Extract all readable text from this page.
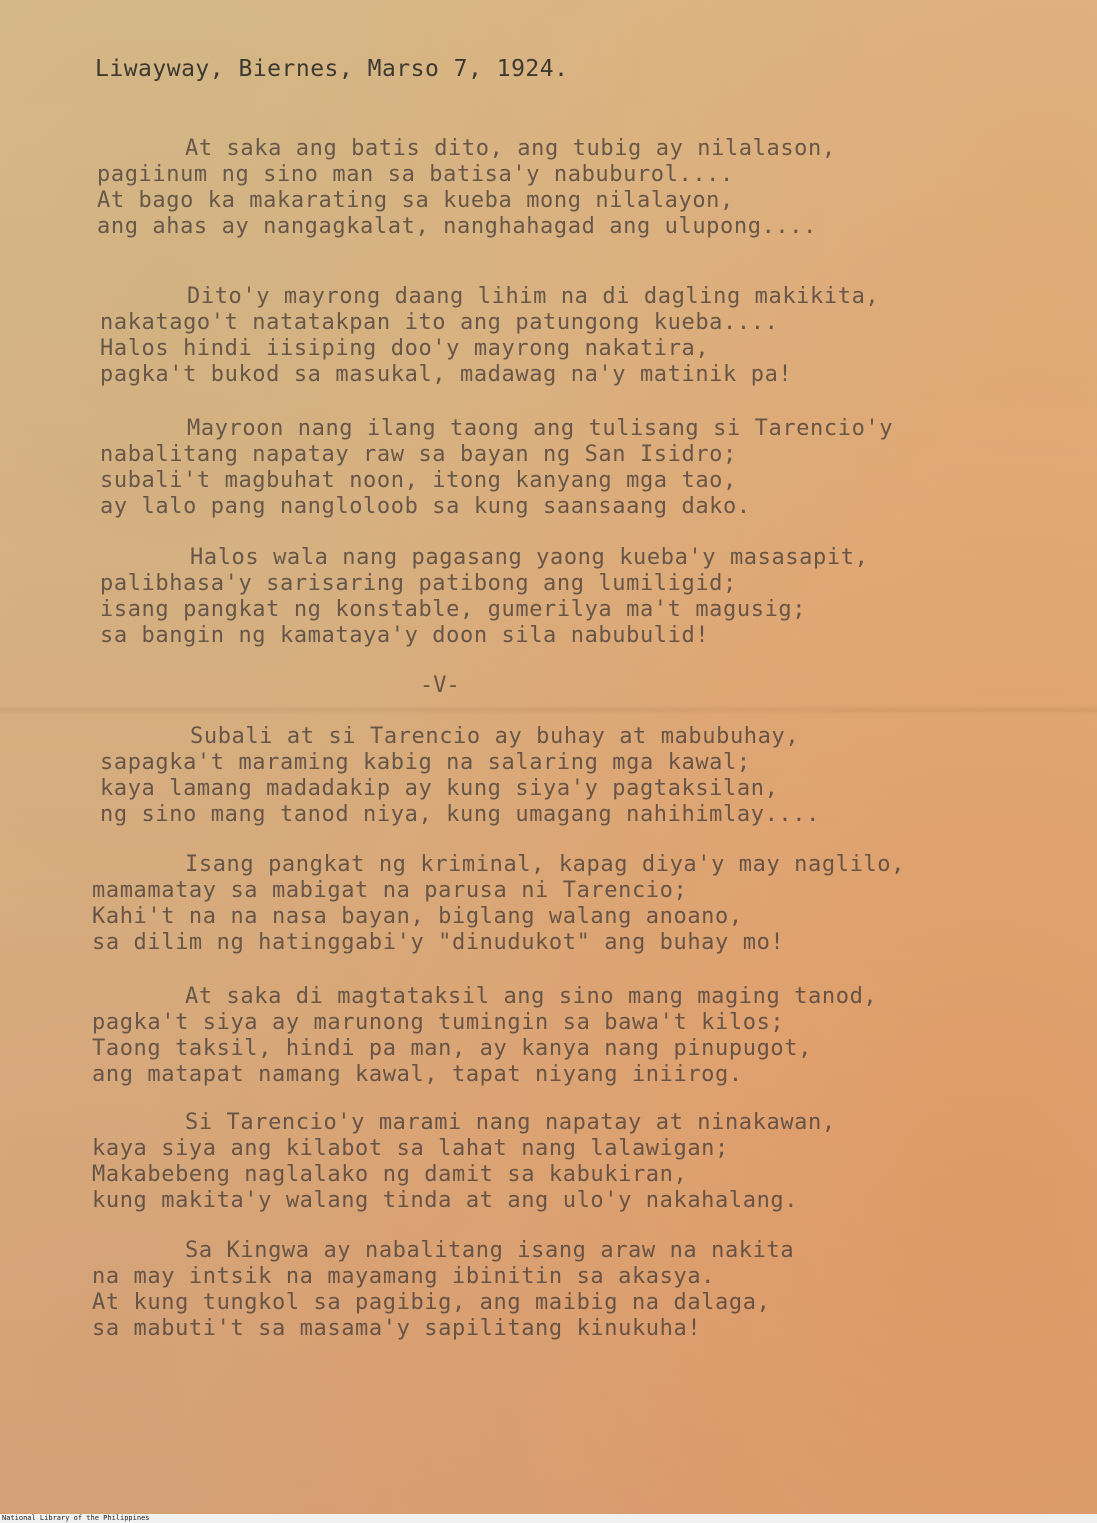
Liwayway, Biernes, Marso 7, 1924.
At saka ang batis dito, ang tubig ay nilalason,
pagiinum ng sino man sa batisa'y nabuburol....
At bago ka makarating sa kueba mong nilalayon,
ang ahas ay nangagkalat, nanghahagad ang ulupong....
Dito'y mayrong daang lihim na di dagling makikita,
nakatago't natatakpan ito ang patungong kueba....
Halos hindi iisiping doo'y mayrong nakatira,
pagka't bukod sa masukal, madawag na'y matinik pa!
Mayroon nang ilang taong ang tulisang si Tarencio'y
nabalitang napatay raw sa bayan ng San Isidro;
subali't magbuhat noon, itong kanyang mga tao,
ay lalo pang nangloloob sa kung saansaang dako.
Halos wala nang pagasang yaong kueba'y masasapit,
palibhasa'y sarisaring patibong ang lumiligid;
isang pangkat ng konstable, gumerilya ma't magusig;
sa bangin ng kamataya'y doon sila nabubulid!
-V-
Subali at si Tarencio ay buhay at mabubuhay,
sapagka't maraming kabig na salaring mga kawal;
kaya lamang madadakip ay kung siya'y pagtaksilan,
ng sino mang tanod niya, kung umagang nahihimlay....
Isang pangkat ng kriminal, kapag diya'y may naglilo,
mamamatay sa mabigat na parusa ni Tarencio;
Kahi't na na nasa bayan, biglang walang anoano,
sa dilim ng hatinggabi'y "dinudukot" ang buhay mo!
At saka di magtataksil ang sino mang maging tanod,
pagka't siya ay marunong tumingin sa bawa't kilos;
Taong taksil, hindi pa man, ay kanya nang pinupugot,
ang matapat namang kawal, tapat niyang iniirog.
Si Tarencio'y marami nang napatay at ninakawan,
kaya siya ang kilabot sa lahat nang lalawigan;
Makabebeng naglalako ng damit sa kabukiran,
kung makita'y walang tinda at ang ulo'y nakahalang.
Sa Kingwa ay nabalitang isang araw na nakita
na may intsik na mayamang ibinitin sa akasya.
At kung tungkol sa pagibig, ang maibig na dalaga,
sa mabuti't sa masama'y sapilitang kinukuha!
National Library of the Philippines
